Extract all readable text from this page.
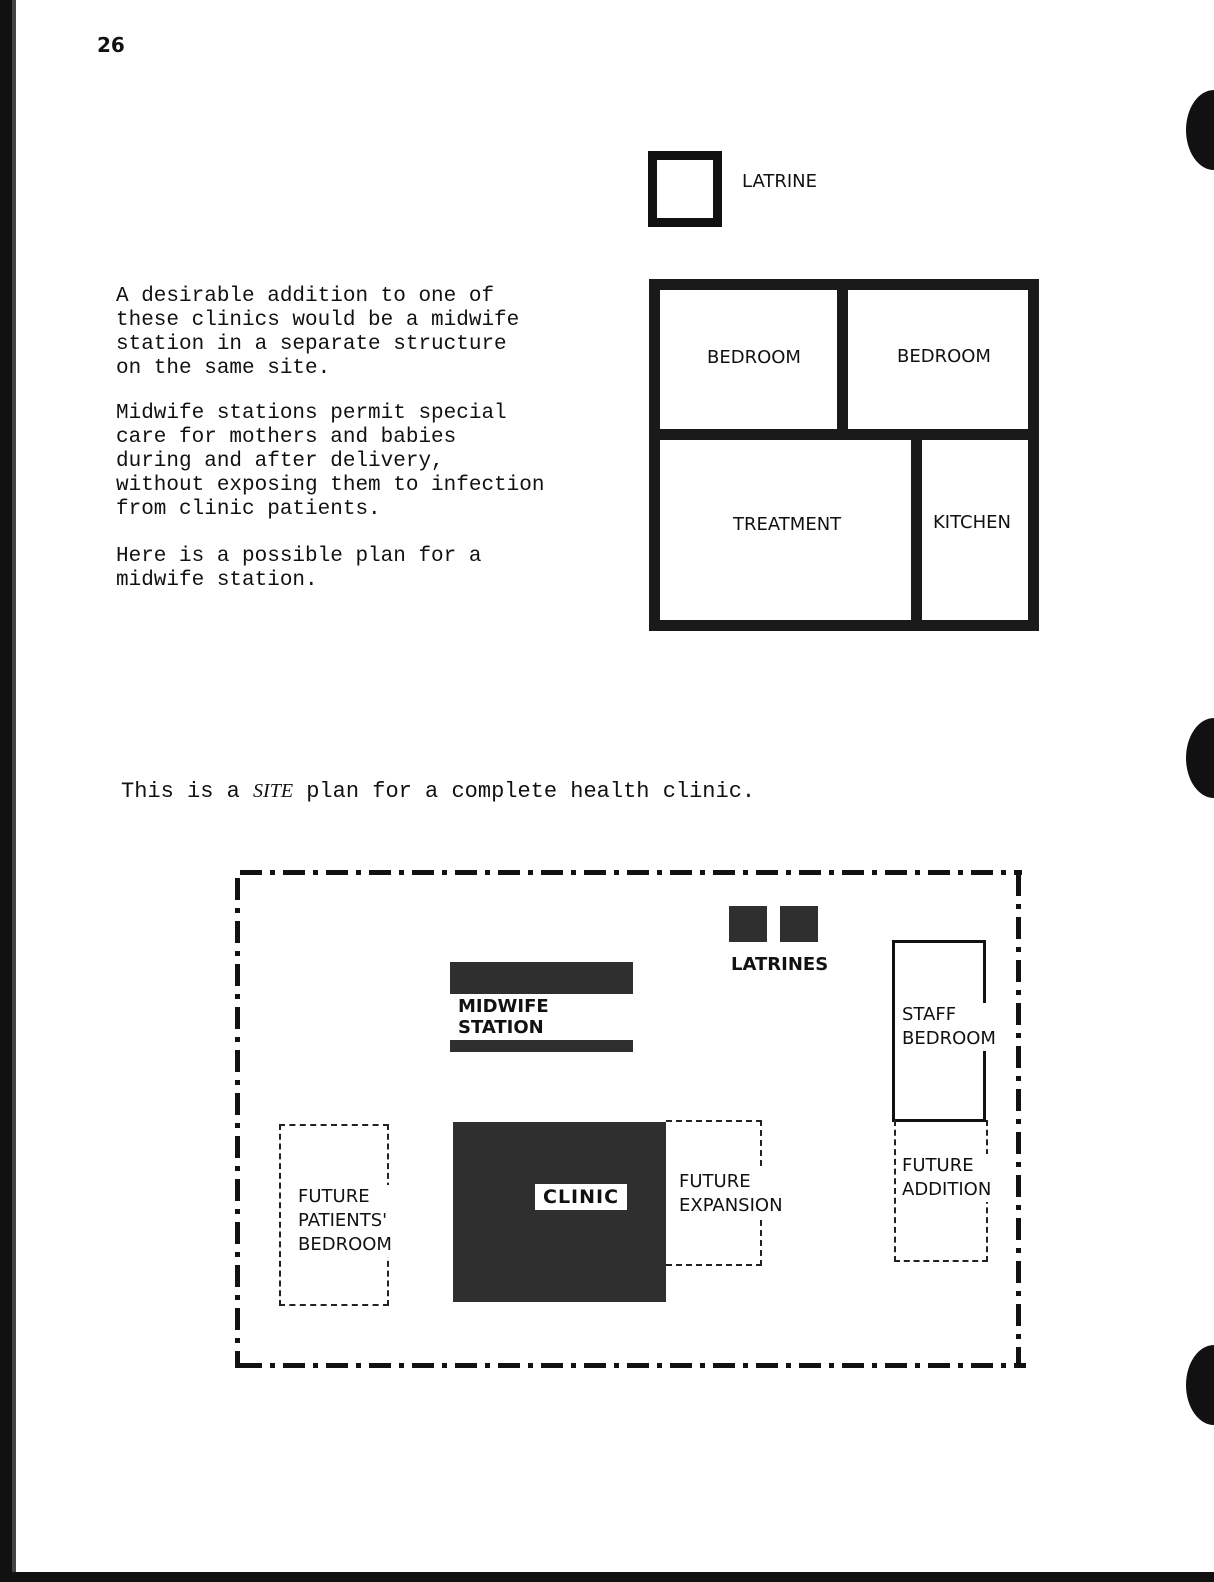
26
A desirable addition to one of
these clinics would be a midwife
station in a separate structure
on the same site.
Midwife stations permit special
care for mothers and babies
during and after delivery,
without exposing them to infection
from clinic patients.
Here is a possible plan for a
midwife station.
LATRINE
BEDROOM	BEDROOM
TREATMENT	KITCHEN
This is a SITE plan for a complete health clinic.
LATRINES
MIDWIFE STATION
STAFF
BEDROOM
FUTURE
ADDITION
FUTURE
PATIENTS'
BEDROOM
CLINIC
FUTURE
EXPANSION
